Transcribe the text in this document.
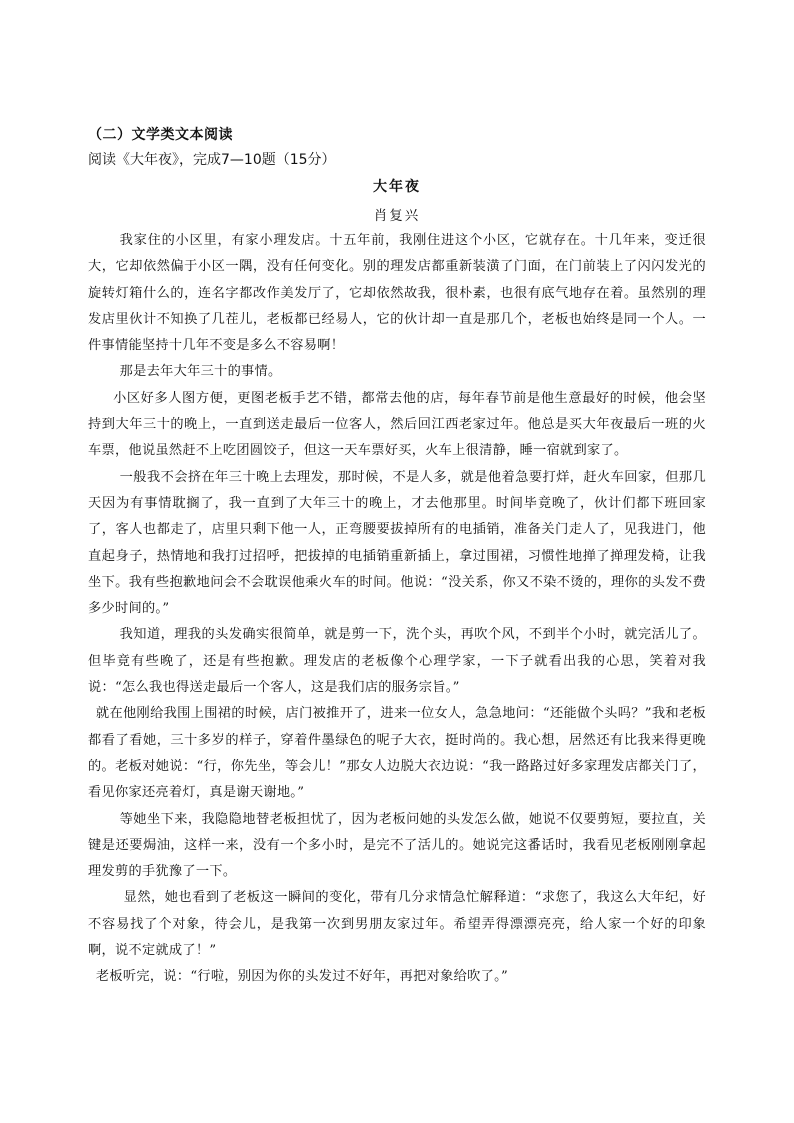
（二）文学类文本阅读
阅读《大年夜》，完成7—10题（15分）
大年夜
肖复兴

我家住的小区里，有家小理发店。十五年前，我刚住进这个小区，它就存在。十几年来，变迁很大，它却依然偏于小区一隅，没有任何变化。别的理发店都重新装潢了门面，在门前装上了闪闪发光的旋转灯箱什么的，连名字都改作美发厅了，它却依然故我，很朴素，也很有底气地存在着。虽然别的理发店里伙计不知换了几茬儿，老板都已经易人，它的伙计却一直是那几个，老板也始终是同一个人。一件事情能坚持十几年不变是多么不容易啊！

那是去年大年三十的事情。

小区好多人图方便，更图老板手艺不错，都常去他的店，每年春节前是他生意最好的时候，他会坚持到大年三十的晚上，一直到送走最后一位客人，然后回江西老家过年。他总是买大年夜最后一班的火车票，他说虽然赶不上吃团圆饺子，但这一天车票好买，火车上很清静，睡一宿就到家了。

一般我不会挤在年三十晚上去理发，那时候，不是人多，就是他着急要打烊，赶火车回家，但那几天因为有事情耽搁了，我一直到了大年三十的晚上，才去他那里。时间毕竟晚了，伙计们都下班回家了，客人也都走了，店里只剩下他一人，正弯腰要拔掉所有的电插销，准备关门走人了，见我进门，他直起身子，热情地和我打过招呼，把拔掉的电插销重新插上，拿过围裙，习惯性地掸了掸理发椅，让我坐下。我有些抱歉地问会不会耽误他乘火车的时间。他说：“没关系，你又不染不烫的，理你的头发不费多少时间的。”

我知道，理我的头发确实很简单，就是剪一下，洗个头，再吹个风，不到半个小时，就完活儿了。但毕竟有些晚了，还是有些抱歉。理发店的老板像个心理学家，一下子就看出我的心思，笑着对我说：“怎么我也得送走最后一个客人，这是我们店的服务宗旨。”

就在他刚给我围上围裙的时候，店门被推开了，进来一位女人，急急地问：“还能做个头吗？”我和老板都看了看她，三十多岁的样子，穿着件墨绿色的呢子大衣，挺时尚的。我心想，居然还有比我来得更晚的。老板对她说：“行，你先坐，等会儿！”那女人边脱大衣边说：“我一路路过好多家理发店都关门了，看见你家还亮着灯，真是谢天谢地。”

等她坐下来，我隐隐地替老板担忧了，因为老板问她的头发怎么做，她说不仅要剪短，要拉直，关键是还要焗油，这样一来，没有一个多小时，是完不了活儿的。她说完这番话时，我看见老板刚刚拿起理发剪的手犹豫了一下。

显然，她也看到了老板这一瞬间的变化，带有几分求情急忙解释道：“求您了，我这么大年纪，好不容易找了个对象，待会儿，是我第一次到男朋友家过年。希望弄得漂漂亮亮，给人家一个好的印象啊，说不定就成了！”

老板听完，说：“行啦，别因为你的头发过不好年，再把对象给吹了。”
